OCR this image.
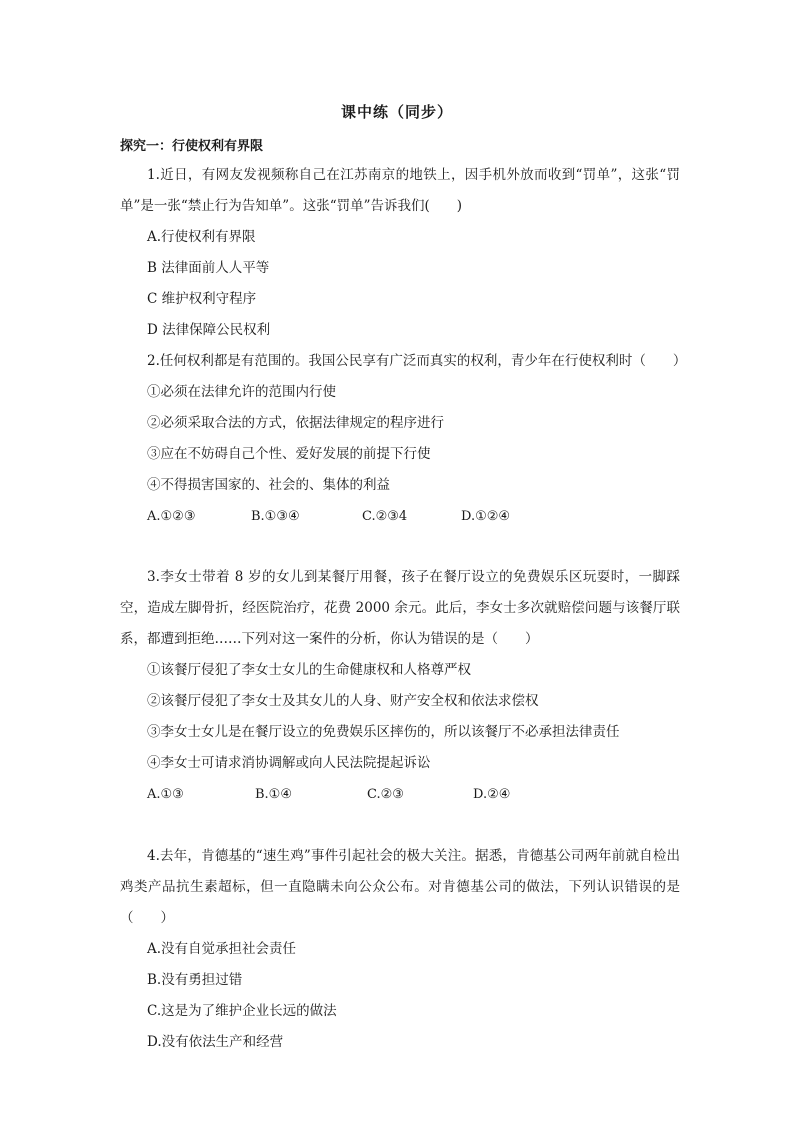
课中练（同步）
探究一：行使权利有界限

1.近日，有网友发视频称自己在江苏南京的地铁上，因手机外放而收到“罚单”，这张“罚单”是一张“禁止行为告知单”。这张“罚单”告诉我们(　　)

A.行使权利有界限

B 法律面前人人平等

C 维护权利守程序

D 法律保障公民权利

2.任何权利都是有范围的。我国公民享有广泛而真实的权利，青少年在行使权利时（　　）

①必须在法律允许的范围内行使

②必须采取合法的方式，依据法律规定的程序进行

③应在不妨碍自己个性、爱好发展的前提下行使

④不得损害国家的、社会的、集体的利益

A.①②③	B.①③④	C.②③4	D.①②④

3.李女士带着 8 岁的女儿到某餐厅用餐，孩子在餐厅设立的免费娱乐区玩耍时，一脚踩空，造成左脚骨折，经医院治疗，花费 2000 余元。此后，李女士多次就赔偿问题与该餐厅联系，都遭到拒绝……下列对这一案件的分析，你认为错误的是（　　）

①该餐厅侵犯了李女士女儿的生命健康权和人格尊严权

②该餐厅侵犯了李女士及其女儿的人身、财产安全权和依法求偿权

③李女士女儿是在餐厅设立的免费娱乐区摔伤的，所以该餐厅不必承担法律责任

④李女士可请求消协调解或向人民法院提起诉讼

A.①③	B.①④	C.②③	D.②④

4.去年，肯德基的“速生鸡”事件引起社会的极大关注。据悉，肯德基公司两年前就自检出鸡类产品抗生素超标，但一直隐瞒未向公众公布。对肯德基公司的做法，下列认识错误的是（　　）

A.没有自觉承担社会责任

B.没有勇担过错

C.这是为了维护企业长远的做法

D.没有依法生产和经营
